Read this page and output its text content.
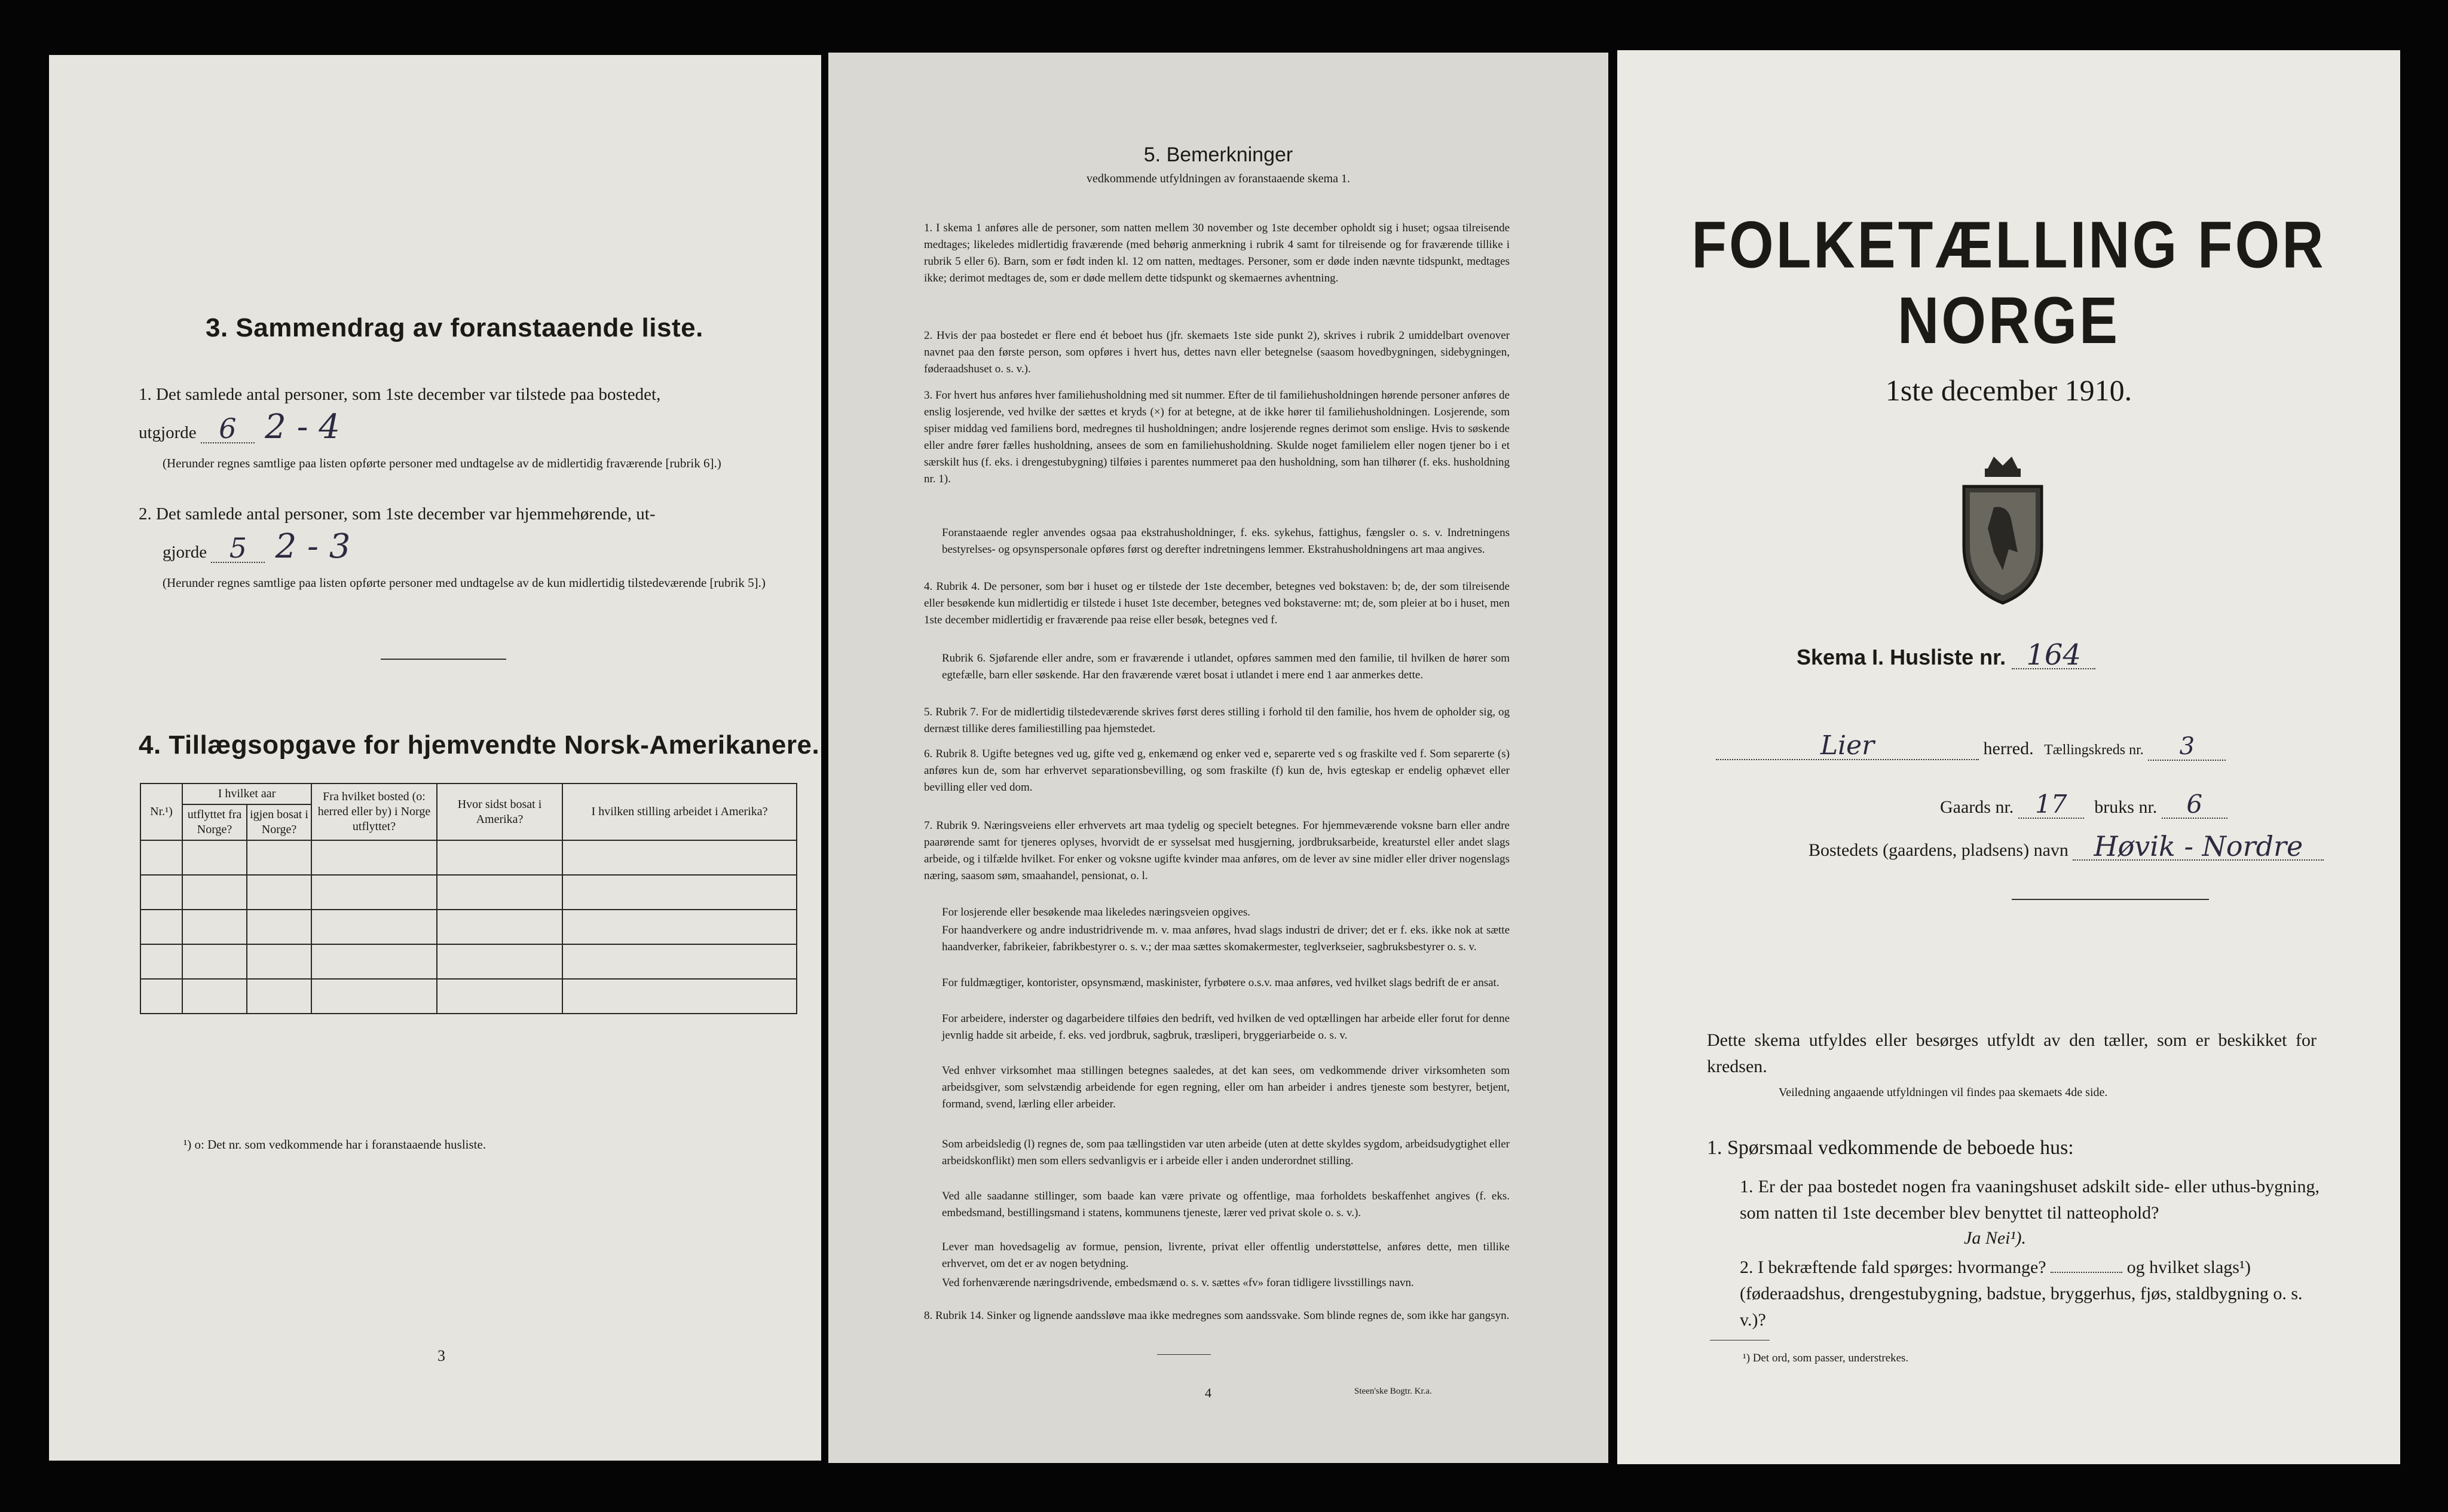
3. Sammendrag av foranstaaende liste.
1. Det samlede antal personer, som 1ste december var tilstede paa bostedet,
utgjorde 6 2 - 4
(Herunder regnes samtlige paa listen opførte personer med undtagelse av de midlertidig fraværende [rubrik 6].)
2. Det samlede antal personer, som 1ste december var hjemmehørende, ut-
gjorde 5 2 - 3
(Herunder regnes samtlige paa listen opførte personer med undtagelse av de kun midlertidig tilstedeværende [rubrik 5].)
4. Tillægsopgave for hjemvendte Norsk-Amerikanere.
Nr.¹)	I hvilket aar		Fra hvilket bosted (o: herred eller by) i Norge utflyttet?	Hvor sidst bosat i Amerika?	I hvilken stilling arbeidet i Amerika?
	utflyttet fra Norge?	igjen bosat i Norge?			

¹) o: Det nr. som vedkommende har i foranstaaende husliste.
3
5. Bemerkninger
vedkommende utfyldningen av foranstaaende skema 1.
1. I skema 1 anføres alle de personer, som natten mellem 30 november og 1ste december opholdt sig i huset; ogsaa tilreisende medtages; likeledes midlertidig fraværende (med behørig anmerkning i rubrik 4 samt for tilreisende og for fraværende tillike i rubrik 5 eller 6). Barn, som er født inden kl. 12 om natten, medtages. Personer, som er døde inden nævnte tidspunkt, medtages ikke; derimot medtages de, som er døde mellem dette tidspunkt og skemaernes avhentning.
2. Hvis der paa bostedet er flere end ét beboet hus (jfr. skemaets 1ste side punkt 2), skrives i rubrik 2 umiddelbart ovenover navnet paa den første person, som opføres i hvert hus, dettes navn eller betegnelse (saasom hovedbygningen, sidebygningen, føderaadshuset o. s. v.).
3. For hvert hus anføres hver familiehusholdning med sit nummer. Efter de til familiehusholdningen hørende personer anføres de enslig losjerende, ved hvilke der sættes et kryds (×) for at betegne, at de ikke hører til familiehusholdningen. Losjerende, som spiser middag ved familiens bord, medregnes til husholdningen; andre losjerende regnes derimot som enslige. Hvis to søskende eller andre fører fælles husholdning, ansees de som en familiehusholdning. Skulde noget familielem eller nogen tjener bo i et særskilt hus (f. eks. i drengestubygning) tilføies i parentes nummeret paa den husholdning, som han tilhører (f. eks. husholdning nr. 1).
Foranstaaende regler anvendes ogsaa paa ekstrahusholdninger, f. eks. sykehus, fattighus, fængsler o. s. v. Indretningens bestyrelses- og opsynspersonale opføres først og derefter indretningens lemmer. Ekstrahusholdningens art maa angives.
4. Rubrik 4. De personer, som bør i huset og er tilstede der 1ste december, betegnes ved bokstaven: b; de, der som tilreisende eller besøkende kun midlertidig er tilstede i huset 1ste december, betegnes ved bokstaverne: mt; de, som pleier at bo i huset, men 1ste december midlertidig er fraværende paa reise eller besøk, betegnes ved f.
Rubrik 6. Sjøfarende eller andre, som er fraværende i utlandet, opføres sammen med den familie, til hvilken de hører som egtefælle, barn eller søskende. Har den fraværende været bosat i utlandet i mere end 1 aar anmerkes dette.
5. Rubrik 7. For de midlertidig tilstedeværende skrives først deres stilling i forhold til den familie, hos hvem de opholder sig, og dernæst tillike deres familiestilling paa hjemstedet.
6. Rubrik 8. Ugifte betegnes ved ug, gifte ved g, enkemænd og enker ved e, separerte ved s og fraskilte ved f. Som separerte (s) anføres kun de, som har erhvervet separationsbevilling, og som fraskilte (f) kun de, hvis egteskap er endelig ophævet eller bevilling eller ved dom.
7. Rubrik 9. Næringsveiens eller erhvervets art maa tydelig og specielt betegnes. For hjemmeværende voksne barn eller andre paarørende samt for tjeneres oplyses, hvorvidt de er sysselsat med husgjerning, jordbruksarbeide, kreaturstel eller andet slags arbeide, og i tilfælde hvilket. For enker og voksne ugifte kvinder maa anføres, om de lever av sine midler eller driver nogenslags næring, saasom søm, smaahandel, pensionat, o. l.
For losjerende eller besøkende maa likeledes næringsveien opgives.
For haandverkere og andre industridrivende m. v. maa anføres, hvad slags industri de driver; det er f. eks. ikke nok at sætte haandverker, fabrikeier, fabrikbestyrer o. s. v.; der maa sættes skomakermester, teglverkseier, sagbruksbestyrer o. s. v.
For fuldmægtiger, kontorister, opsynsmænd, maskinister, fyrbøtere o.s.v. maa anføres, ved hvilket slags bedrift de er ansat.
For arbeidere, inderster og dagarbeidere tilføies den bedrift, ved hvilken de ved optællingen har arbeide eller forut for denne jevnlig hadde sit arbeide, f. eks. ved jordbruk, sagbruk, træsliperi, bryggeriarbeide o. s. v.
Ved enhver virksomhet maa stillingen betegnes saaledes, at det kan sees, om vedkommende driver virksomheten som arbeidsgiver, som selvstændig arbeidende for egen regning, eller om han arbeider i andres tjeneste som bestyrer, betjent, formand, svend, lærling eller arbeider.
Som arbeidsledig (l) regnes de, som paa tællingstiden var uten arbeide (uten at dette skyldes sygdom, arbeidsudygtighet eller arbeidskonflikt) men som ellers sedvanligvis er i arbeide eller i anden underordnet stilling.
Ved alle saadanne stillinger, som baade kan være private og offentlige, maa forholdets beskaffenhet angives (f. eks. embedsmand, bestillingsmand i statens, kommunens tjeneste, lærer ved privat skole o. s. v.).
Lever man hovedsagelig av formue, pension, livrente, privat eller offentlig understøttelse, anføres dette, men tillike erhvervet, om det er av nogen betydning.
Ved forhenværende næringsdrivende, embedsmænd o. s. v. sættes «fv» foran tidligere livsstillings navn.
8. Rubrik 14. Sinker og lignende aandssløve maa ikke medregnes som aandssvake. Som blinde regnes de, som ikke har gangsyn.
4	Steen'ske Bogtr. Kr.a.
FOLKETÆLLING FOR NORGE
1ste december 1910.
Skema I. Husliste nr. 164
Lier	herred. Tællingskreds nr. 3
Gaards nr. 17 bruks nr. 6
Bostedets (gaardens, pladsens) navn Høvik - Nordre
Dette skema utfyldes eller besørges utfyldt av den tæller, som er beskikket for kredsen.
Veiledning angaaende utfyldningen vil findes paa skemaets 4de side.
1. Spørsmaal vedkommende de beboede hus:
1. Er der paa bostedet nogen fra vaaningshuset adskilt side- eller uthus-bygning, som natten til 1ste december blev benyttet til natteophold?
Ja Nei¹).
2. I bekræftende fald spørges: hvormange?	og hvilket slags¹) (føderaadshus, drengestubygning, badstue, bryggerhus, fjøs, staldbygning o. s. v.)?
¹) Det ord, som passer, understrekes.
